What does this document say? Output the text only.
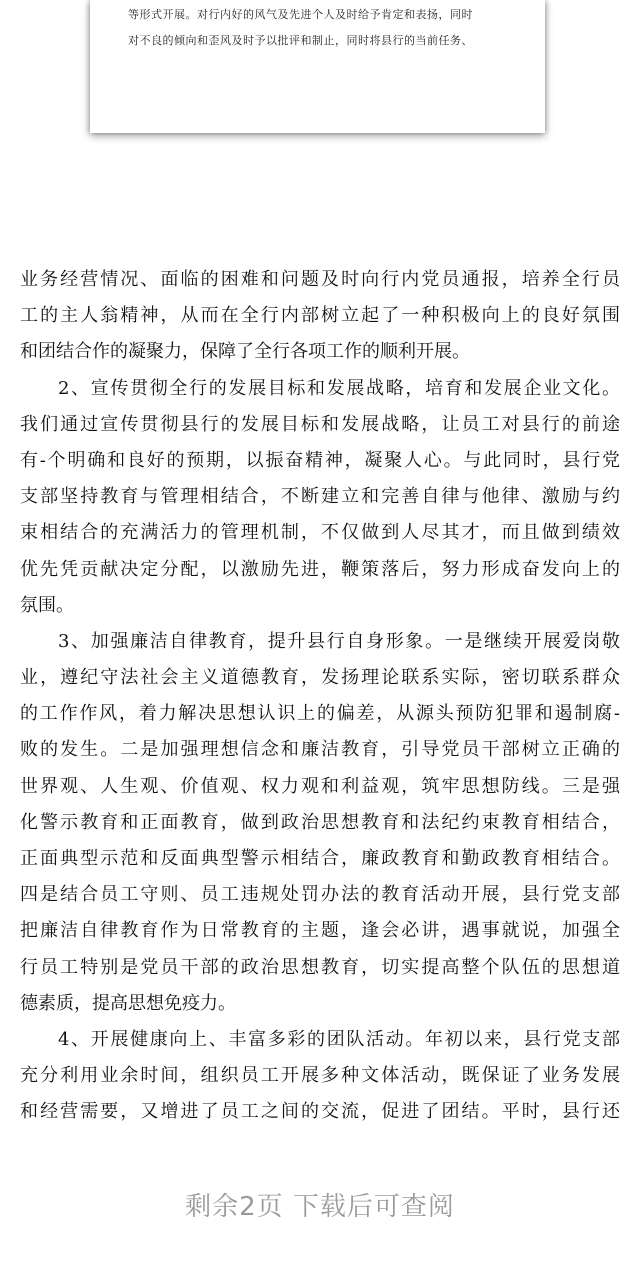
等形式开展。对行内好的风气及先进个人及时给予肯定和表扬，同时
对不良的倾向和歪风及时予以批评和制止，同时将县行的当前任务、
业务经营情况、面临的困难和问题及时向行内党员通报，培养全行员
工的主人翁精神，从而在全行内部树立起了一种积极向上的良好氛围
和团结合作的凝聚力，保障了全行各项工作的顺利开展。
2、宣传贯彻全行的发展目标和发展战略，培育和发展企业文化。
我们通过宣传贯彻县行的发展目标和发展战略，让员工对县行的前途
有-个明确和良好的预期，以振奋精神，凝聚人心。与此同时，县行党
支部坚持教育与管理相结合，不断建立和完善自律与他律、激励与约
束相结合的充满活力的管理机制，不仅做到人尽其才，而且做到绩效
优先凭贡献决定分配，以激励先进，鞭策落后，努力形成奋发向上的
氛围。
3、加强廉洁自律教育，提升县行自身形象。一是继续开展爱岗敬
业，遵纪守法社会主义道德教育，发扬理论联系实际，密切联系群众
的工作作风，着力解决思想认识上的偏差，从源头预防犯罪和遏制腐-
败的发生。二是加强理想信念和廉洁教育，引导党员干部树立正确的
世界观、人生观、价值观、权力观和利益观，筑牢思想防线。三是强
化警示教育和正面教育，做到政治思想教育和法纪约束教育相结合，
正面典型示范和反面典型警示相结合，廉政教育和勤政教育相结合。
四是结合员工守则、员工违规处罚办法的教育活动开展，县行党支部
把廉洁自律教育作为日常教育的主题，逢会必讲，遇事就说，加强全
行员工特别是党员干部的政治思想教育，切实提高整个队伍的思想道
德素质，提高思想免疫力。
4、开展健康向上、丰富多彩的团队活动。年初以来，县行党支部
充分利用业余时间，组织员工开展多种文体活动，既保证了业务发展
和经营需要，又增进了员工之间的交流，促进了团结。平时，县行还
剩余2页 下载后可查阅
